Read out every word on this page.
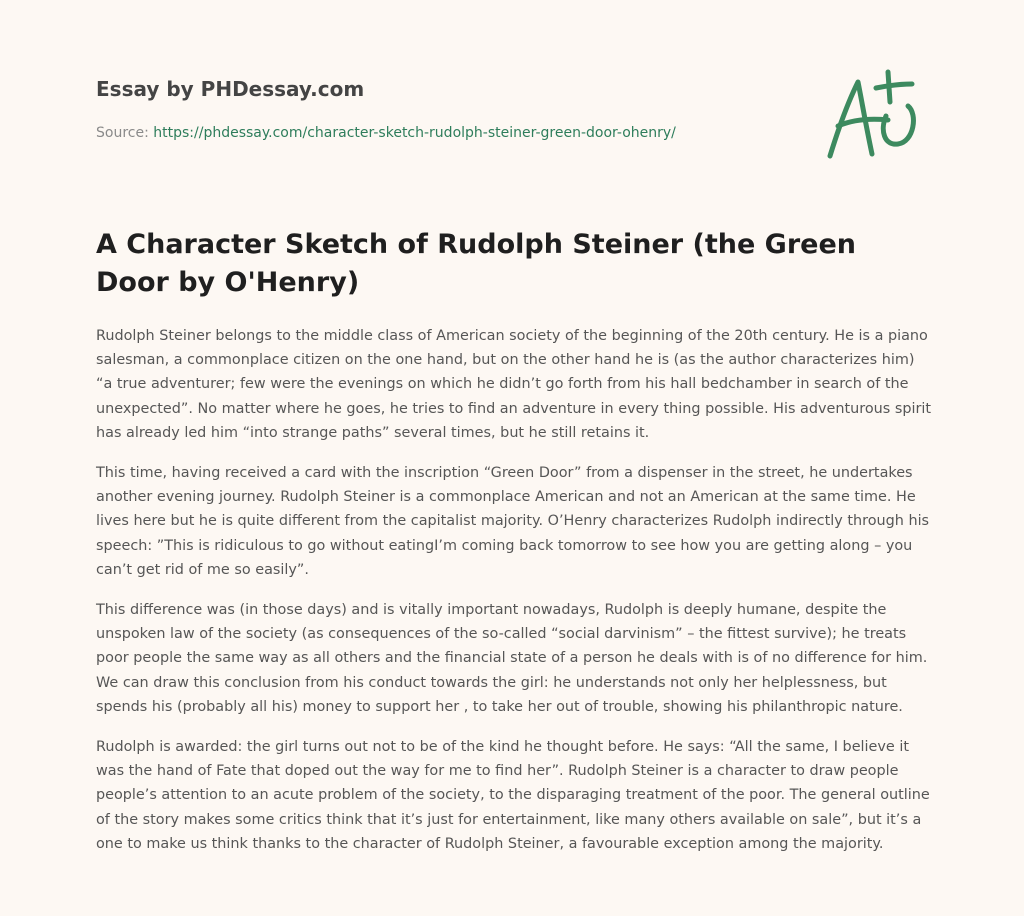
Essay by PHDessay.com

Source: https://phdessay.com/character-sketch-rudolph-steiner-green-door-ohenry/

A Character Sketch of Rudolph Steiner (the Green Door by O'Henry)

Rudolph Steiner belongs to the middle class of American society of the beginning of the 20th century. He is a piano salesman, a commonplace citizen on the one hand, but on the other hand he is (as the author characterizes him) “a true adventurer; few were the evenings on which he didn’t go forth from his hall bedchamber in search of the unexpected”. No matter where he goes, he tries to find an adventure in every thing possible. His adventurous spirit has already led him “into strange paths” several times, but he still retains it.

This time, having received a card with the inscription “Green Door” from a dispenser in the street, he undertakes another evening journey. Rudolph Steiner is a commonplace American and not an American at the same time. He lives here but he is quite different from the capitalist majority. O’Henry characterizes Rudolph indirectly through his speech: ”This is ridiculous to go without eatingI’m coming back tomorrow to see how you are getting along – you can’t get rid of me so easily”.

This difference was (in those days) and is vitally important nowadays, Rudolph is deeply humane, despite the unspoken law of the society (as consequences of the so-called “social darvinism” – the fittest survive); he treats poor people the same way as all others and the financial state of a person he deals with is of no difference for him. We can draw this conclusion from his conduct towards the girl: he understands not only her helplessness, but spends his (probably all his) money to support her , to take her out of trouble, showing his philanthropic nature.

Rudolph is awarded: the girl turns out not to be of the kind he thought before. He says: “All the same, I believe it was the hand of Fate that doped out the way for me to find her”. Rudolph Steiner is a character to draw people people’s attention to an acute problem of the society, to the disparaging treatment of the poor. The general outline of the story makes some critics think that it’s just for entertainment, like many others available on sale”, but it’s a one to make us think thanks to the character of Rudolph Steiner, a favourable exception among the majority.
